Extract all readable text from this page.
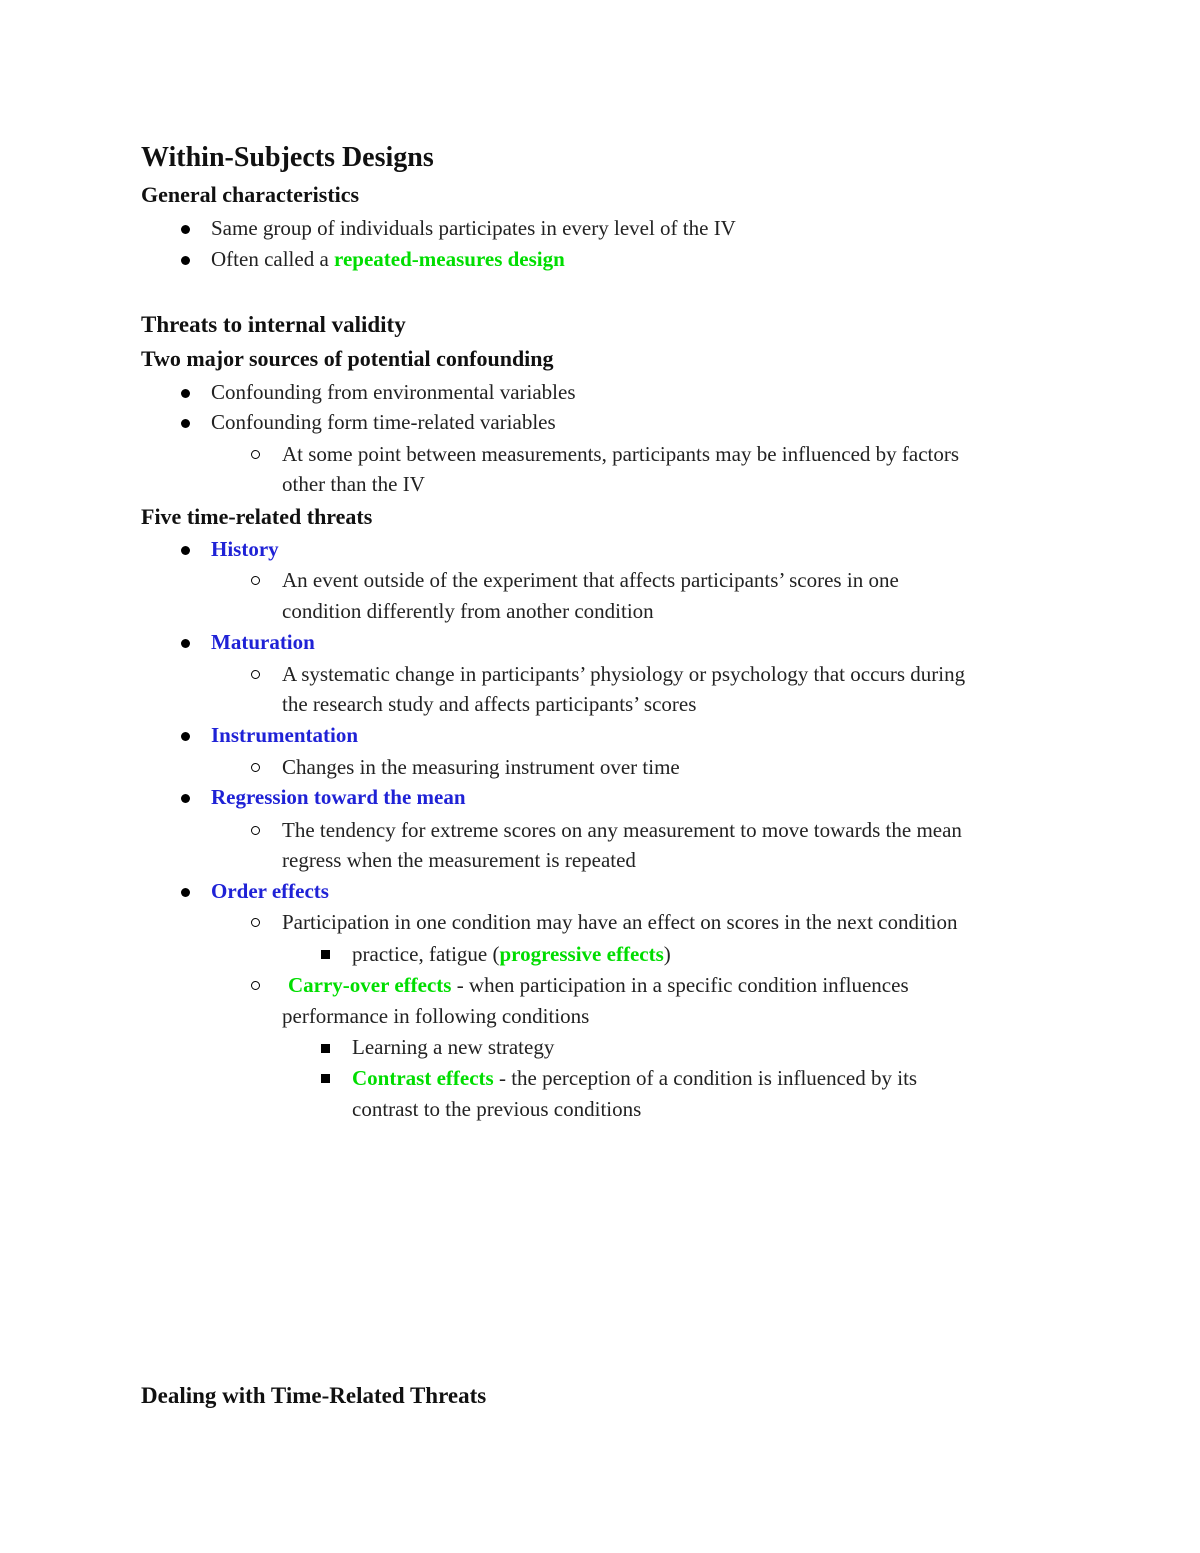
Within-Subjects Designs
General characteristics
Same group of individuals participates in every level of the IV
Often called a repeated-measures design
Threats to internal validity
Two major sources of potential confounding
Confounding from environmental variables
Confounding form time-related variables
At some point between measurements, participants may be influenced by factors
other than the IV
Five time-related threats
History
An event outside of the experiment that affects participants’ scores in one
condition differently from another condition
Maturation
A systematic change in participants’ physiology or psychology that occurs during
the research study and affects participants’ scores
Instrumentation
Changes in the measuring instrument over time
Regression toward the mean
The tendency for extreme scores on any measurement to move towards the mean
regress when the measurement is repeated
Order effects
Participation in one condition may have an effect on scores in the next condition
practice, fatigue (progressive effects)
Carry-over effects - when participation in a specific condition influences
performance in following conditions
Learning a new strategy
Contrast effects - the perception of a condition is influenced by its
contrast to the previous conditions
Dealing with Time-Related Threats
